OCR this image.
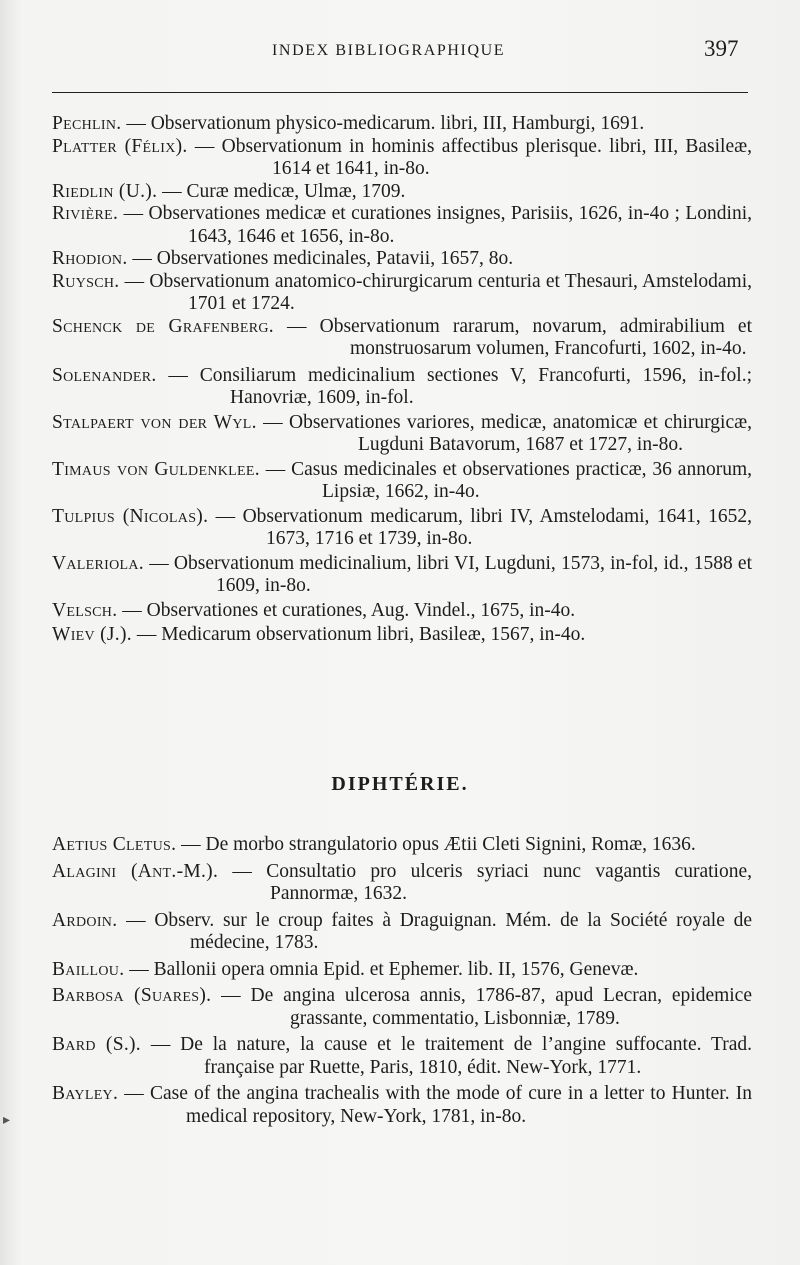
INDEX BIBLIOGRAPHIQUE	397

Pechlin. — Observationum physico-medicarum. libri, III, Hamburgi, 1691.

Platter (Félix). — Observationum in hominis affectibus plerisque. libri, III, Basileæ, 1614 et 1641, in-8o.

Riedlin (U.). — Curæ medicæ, Ulmæ, 1709.

Rivière. — Observationes medicæ et curationes insignes, Parisiis, 1626, in-4o ; Londini, 1643, 1646 et 1656, in-8o.

Rhodion. — Observationes medicinales, Patavii, 1657, 8o.

Ruysch. — Observationum anatomico-chirurgicarum centuria et Thesauri, Amstelodami, 1701 et 1724.

Schenck de Grafenberg. — Observationum rararum, novarum, admirabilium et monstruosarum volumen, Francofurti, 1602, in-4o.

Solenander. — Consiliarum medicinalium sectiones V, Francofurti, 1596, in-fol.; Hanovriæ, 1609, in-fol.

Stalpaert von der Wyl. — Observationes variores, medicæ, anatomicæ et chirurgicæ, Lugduni Batavorum, 1687 et 1727, in-8o.

Timaus von Guldenklee. — Casus medicinales et observationes practicæ, 36 annorum, Lipsiæ, 1662, in-4o.

Tulpius (Nicolas). — Observationum medicarum, libri IV, Amstelodami, 1641, 1652, 1673, 1716 et 1739, in-8o.

Valeriola. — Observationum medicinalium, libri VI, Lugduni, 1573, in-fol, id., 1588 et 1609, in-8o.

Velsch. — Observationes et curationes, Aug. Vindel., 1675, in-4o.

Wiev (J.). — Medicarum observationum libri, Basileæ, 1567, in-4o.

DIPHTÉRIE.

Aetius Cletus. — De morbo strangulatorio opus Ætii Cleti Signini, Romæ, 1636.

Alagini (Ant.-M.). — Consultatio pro ulceris syriaci nunc vagantis curatione, Pannormæ, 1632.

Ardoin. — Observ. sur le croup faites à Draguignan. Mém. de la Société royale de médecine, 1783.

Baillou. — Ballonii opera omnia Epid. et Ephemer. lib. II, 1576, Genevæ.

Barbosa (Suares). — De angina ulcerosa annis, 1786-87, apud Lecran, epidemice grassante, commentatio, Lisbonniæ, 1789.

Bard (S.). — De la nature, la cause et le traitement de l’angine suffocante. Trad. française par Ruette, Paris, 1810, édit. New-York, 1771.

Bayley. — Case of the angina trachealis with the mode of cure in a letter to Hunter. In medical repository, New-York, 1781, in-8o.

▸
